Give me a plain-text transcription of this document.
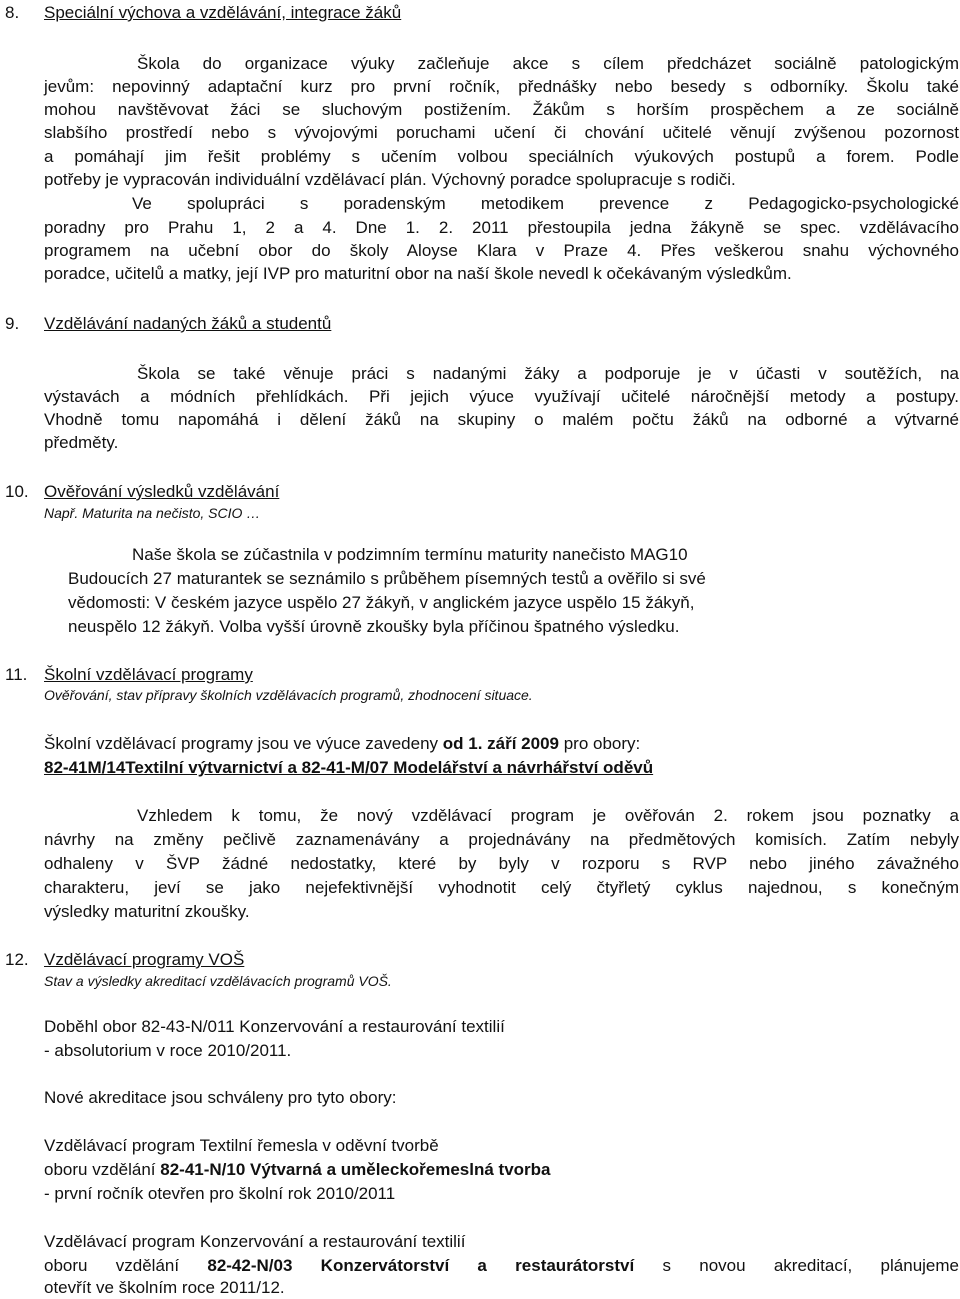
8. Speciální výchova a vzdělávání, integrace žáků
Škola do organizace výuky začleňuje akce s cílem předcházet sociálně patologickým
jevům: nepovinný adaptační kurz pro první ročník, přednášky nebo besedy s odborníky. Školu také
mohou navštěvovat žáci se sluchovým postižením. Žákům s horším prospěchem a ze sociálně
slabšího prostředí nebo s vývojovými poruchami učení či chování učitelé věnují zvýšenou pozornost
a pomáhají jim řešit problémy s učením volbou speciálních výukových postupů a forem. Podle
potřeby je vypracován individuální vzdělávací plán. Výchovný poradce spolupracuje s rodiči.
Ve spolupráci s poradenským metodikem prevence z Pedagogicko-psychologické
poradny pro Prahu 1, 2 a 4. Dne 1. 2. 2011 přestoupila jedna žákyně se spec. vzdělávacího
programem na učební obor do školy Aloyse Klara v Praze 4. Přes veškerou snahu výchovného
poradce, učitelů a matky, její IVP pro maturitní obor na naší škole nevedl k očekávaným výsledkům.
9. Vzdělávání nadaných žáků a studentů
Škola se také věnuje práci s nadanými žáky a podporuje je v účasti v soutěžích, na
výstavách a módních přehlídkách. Při jejich výuce využívají učitelé náročnější metody a postupy.
Vhodně tomu napomáhá i dělení žáků na skupiny o malém počtu žáků na odborné a výtvarné
předměty.
10. Ověřování výsledků vzdělávání
Např. Maturita na nečisto, SCIO …
Naše škola se zúčastnila v podzimním termínu maturity nanečisto MAG10
Budoucích 27 maturantek se seznámilo s průběhem písemných testů a ověřilo si své
vědomosti: V českém jazyce uspělo 27 žákyň, v anglickém jazyce uspělo 15 žákyň,
neuspělo 12 žákyň. Volba vyšší úrovně zkoušky byla příčinou špatného výsledku.
11. Školní vzdělávací programy
Ověřování, stav přípravy školních vzdělávacích programů, zhodnocení situace.
Školní vzdělávací programy jsou ve výuce zavedeny od 1. září 2009 pro obory:
82-41M/14Textilní výtvarnictví a 82-41-M/07 Modelářství a návrhářství oděvů
Vzhledem k tomu, že nový vzdělávací program je ověřován 2. rokem jsou poznatky a
návrhy na změny pečlivě zaznamenávány a projednávány na předmětových komisích. Zatím nebyly
odhaleny v ŠVP žádné nedostatky, které by byly v rozporu s RVP nebo jiného závažného
charakteru, jeví se jako nejefektivnější vyhodnotit celý čtyřletý cyklus najednou, s konečným
výsledky maturitní zkoušky.
12. Vzdělávací programy VOŠ
Stav a výsledky akreditací vzdělávacích programů VOŠ.
Doběhl obor 82-43-N/011 Konzervování a restaurování textilií
- absolutorium v roce 2010/2011.
Nové akreditace jsou schváleny pro tyto obory:
Vzdělávací program Textilní řemesla v oděvní tvorbě
oboru vzdělání 82-41-N/10 Výtvarná a uměleckořemeslná tvorba
- první ročník otevřen pro školní rok 2010/2011
Vzdělávací program Konzervování a restaurování textilií
oboru vzdělání 82-42-N/03 Konzervátorství a restaurátorství s novou akreditací, plánujeme
otevřít ve školním roce 2011/12.
